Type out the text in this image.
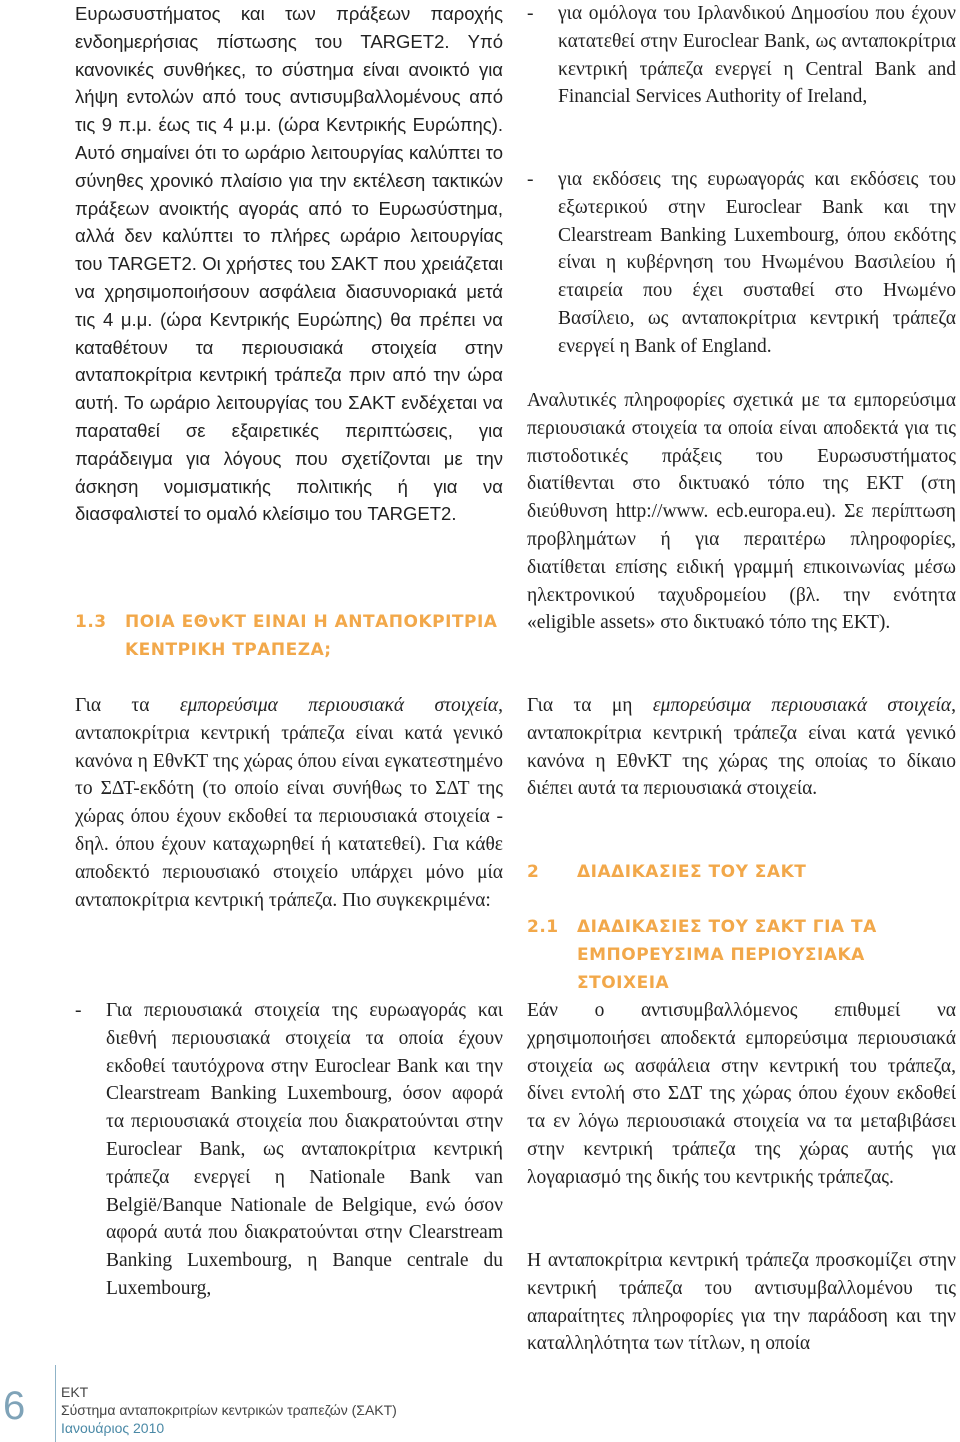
Ευρωσυστήματος και των πράξεων παροχής ενδοημερήσιας πίστωσης του TARGET2. Υπό κανονικές συνθήκες, το σύστημα είναι ανοικτό για λήψη εντολών από τους αντισυμβαλλομένους από τις 9 π.μ. έως τις 4 μ.μ. (ώρα Κεντρικής Ευρώπης). Αυτό σημαίνει ότι το ωράριο λειτουργίας καλύπτει το σύνηθες χρονικό πλαίσιο για την εκτέλεση τακτικών πράξεων ανοικτής αγοράς από το Ευρωσύστημα, αλλά δεν καλύπτει το πλήρες ωράριο λειτουργίας του TARGET2. Οι χρήστες του ΣΑΚΤ που χρειάζεται να χρησιμοποιήσουν ασφάλεια διασυνοριακά μετά τις 4 μ.μ. (ώρα Κεντρικής Ευρώπης) θα πρέπει να καταθέτουν τα περιουσιακά στοιχεία στην ανταποκρίτρια κεντρική τράπεζα πριν από την ώρα αυτή. Το ωράριο λειτουργίας του ΣΑΚΤ ενδέχεται να παραταθεί σε εξαιρετικές περιπτώσεις, για παράδειγμα για λόγους που σχετίζονται με την άσκηση νομισματικής πολιτικής ή για να διασφαλιστεί το ομαλό κλείσιμο του TARGET2.

1.3 ΠΟΙΑ ΕΘνΚΤ ΕΙΝΑΙ Η ΑΝΤΑΠΟΚΡΙΤΡΙΑ ΚΕΝΤΡΙΚΗ ΤΡΑΠΕΖΑ;

Για τα εμπορεύσιμα περιουσιακά στοιχεία, ανταποκρίτρια κεντρική τράπεζα είναι κατά γενικό κανόνα η ΕθνΚΤ της χώρας όπου είναι εγκατεστημένο το ΣΔΤ-εκδότη (το οποίο είναι συνήθως το ΣΔΤ της χώρας όπου έχουν εκδοθεί τα περιουσιακά στοιχεία - δηλ. όπου έχουν καταχωρηθεί ή κατατεθεί). Για κάθε αποδεκτό περιουσιακό στοιχείο υπάρχει μόνο μία ανταποκρίτρια κεντρική τράπεζα. Πιο συγκεκριμένα:

-	Για περιουσιακά στοιχεία της ευρωαγοράς και διεθνή περιουσιακά στοιχεία τα οποία έχουν εκδοθεί ταυτόχρονα στην Euroclear Bank και την Clearstream Banking Luxembourg, όσον αφορά τα περιουσιακά στοιχεία που διακρατούνται στην Euroclear Bank, ως ανταποκρίτρια κεντρική τράπεζα ενεργεί η Nationale Bank van België/Banque Nationale de Belgique, ενώ όσον αφορά αυτά που διακρατούνται στην Clearstream Banking Luxembourg, η Banque centrale du Luxembourg,

-	για ομόλογα του Ιρλανδικού Δημοσίου που έχουν κατατεθεί στην Euroclear Bank, ως ανταποκρίτρια κεντρική τράπεζα ενεργεί η Central Bank and Financial Services Authority of Ireland,

-	για εκδόσεις της ευρωαγοράς και εκδόσεις του εξωτερικού στην Euroclear Bank και την Clearstream Banking Luxembourg, όπου εκδότης είναι η κυβέρνηση του Ηνωμένου Βασιλείου ή εταιρεία που έχει συσταθεί στο Ηνωμένο Βασίλειο, ως ανταποκρίτρια κεντρική τράπεζα ενεργεί η Bank of England.

Αναλυτικές πληροφορίες σχετικά με τα εμπορεύσιμα περιουσιακά στοιχεία τα οποία είναι αποδεκτά για τις πιστοδοτικές πράξεις του Ευρωσυστήματος διατίθενται στο δικτυακό τόπο της ΕΚΤ (στη διεύθυνση http://www. ecb.europa.eu). Σε περίπτωση προβλημάτων ή για περαιτέρω πληροφορίες, διατίθεται επίσης ειδική γραμμή επικοινωνίας μέσω ηλεκτρονικού ταχυδρομείου (βλ. την ενότητα «eligible assets» στο δικτυακό τόπο της ΕΚΤ).

Για τα μη εμπορεύσιμα περιουσιακά στοιχεία, ανταποκρίτρια κεντρική τράπεζα είναι κατά γενικό κανόνα η ΕθνΚΤ της χώρας της οποίας το δίκαιο διέπει αυτά τα περιουσιακά στοιχεία.

2 ΔΙΑΔΙΚΑΣΙΕΣ ΤΟΥ ΣΑΚΤ
2.1 ΔΙΑΔΙΚΑΣΙΕΣ ΤΟΥ ΣΑΚΤ ΓΙΑ ΤΑ ΕΜΠΟΡΕΥΣΙΜΑ ΠΕΡΙΟΥΣΙΑΚΑ ΣΤΟΙΧΕΙΑ

Εάν ο αντισυμβαλλόμενος επιθυμεί να χρησιμοποιήσει αποδεκτά εμπορεύσιμα περιουσιακά στοιχεία ως ασφάλεια στην κεντρική του τράπεζα, δίνει εντολή στο ΣΔΤ της χώρας όπου έχουν εκδοθεί τα εν λόγω περιουσιακά στοιχεία να τα μεταβιβάσει στην κεντρική τράπεζα της χώρας αυτής για λογαριασμό της δικής του κεντρικής τράπεζας.

Η ανταποκρίτρια κεντρική τράπεζα προσκομίζει στην κεντρική τράπεζα του αντισυμβαλλομένου τις απαραίτητες πληροφορίες για την παράδοση και την καταλληλότητα των τίτλων, η οποία

6	ΕΚΤ
Σύστημα ανταποκριτρίων κεντρικών τραπεζών (ΣΑΚΤ)
Ιανουάριος 2010
